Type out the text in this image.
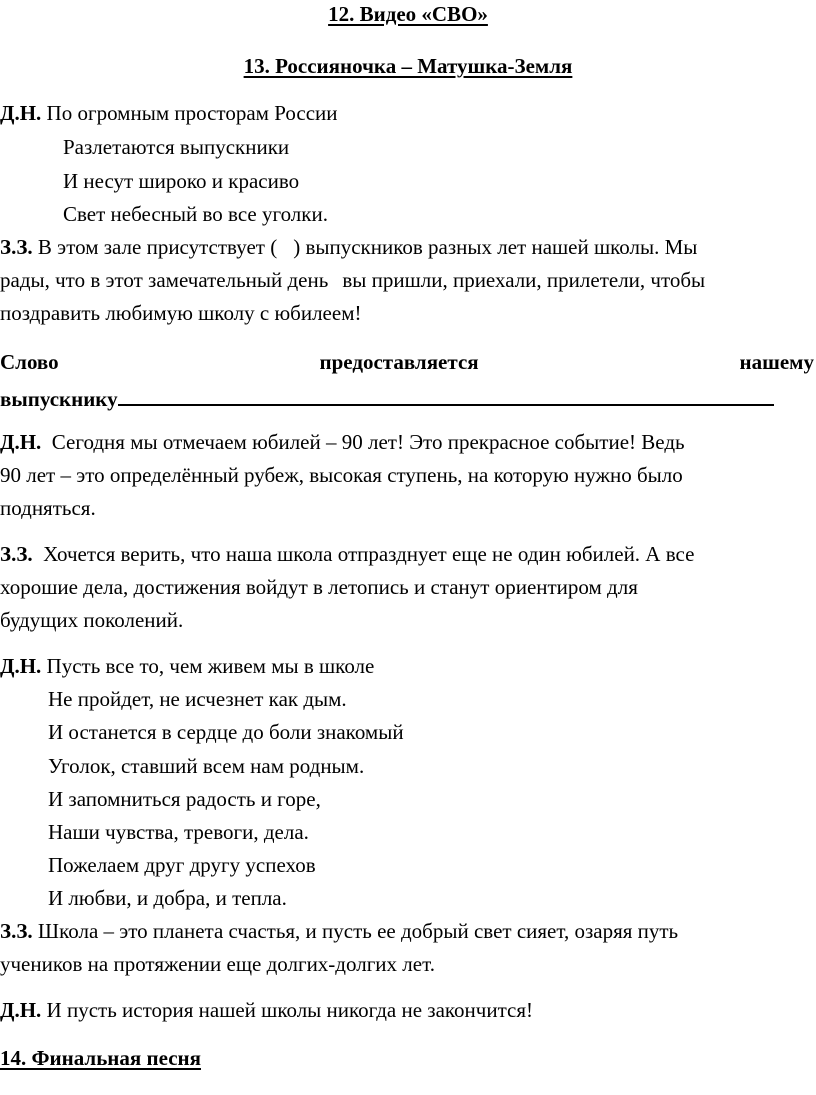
12. Видео «СВО»
13. Россияночка – Матушка-Земля
Д.Н. По огромным просторам России
Разлетаются выпускники
И несут широко и красиво
Свет небесный во все уголки.
З.З. В этом зале присутствует ( ) выпускников разных лет нашей школы. Мы
рады, что в этот замечательный день вы пришли, приехали, прилетели, чтобы
поздравить любимую школу с юбилеем!
Слово	предоставляется	нашему
выпускнику
Д.Н. Сегодня мы отмечаем юбилей – 90 лет! Это прекрасное событие! Ведь
90 лет – это определённый рубеж, высокая ступень, на которую нужно было
подняться.
З.З. Хочется верить, что наша школа отпразднует еще не один юбилей. А все
хорошие дела, достижения войдут в летопись и станут ориентиром для
будущих поколений.
Д.Н. Пусть все то, чем живем мы в школе
Не пройдет, не исчезнет как дым.
И останется в сердце до боли знакомый
Уголок, ставший всем нам родным.
И запомниться радость и горе,
Наши чувства, тревоги, дела.
Пожелаем друг другу успехов
И любви, и добра, и тепла.
З.З. Школа – это планета счастья, и пусть ее добрый свет сияет, озаряя путь
учеников на протяжении еще долгих-долгих лет.
Д.Н. И пусть история нашей школы никогда не закончится!
14. Финальная песня
